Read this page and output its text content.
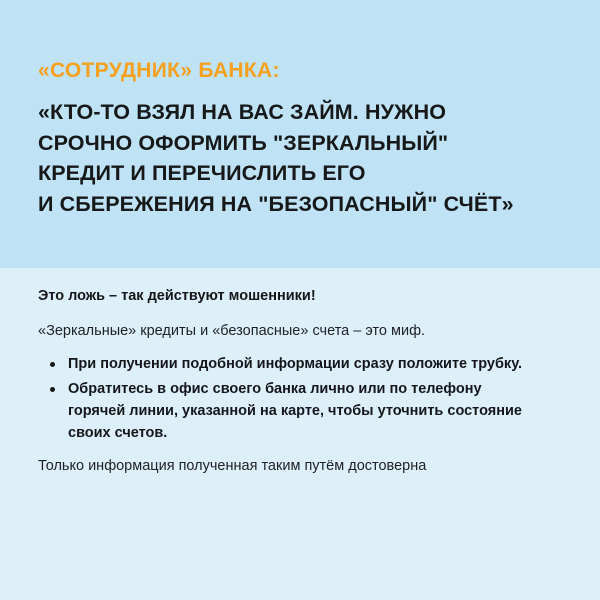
«СОТРУДНИК» БАНКА:

«КТО-ТО ВЗЯЛ НА ВАС ЗАЙМ. НУЖНО
СРОЧНО ОФОРМИТЬ "ЗЕРКАЛЬНЫЙ"
КРЕДИТ И ПЕРЕЧИСЛИТЬ ЕГО
И СБЕРЕЖЕНИЯ НА "БЕЗОПАСНЫЙ" СЧЁТ»

Это ложь – так действуют мошенники!

«Зеркальные» кредиты и «безопасные» счета – это миф.

При получении подобной информации сразу положите трубку.
Обратитесь в офис своего банка лично или по телефону горячей линии, указанной на карте, чтобы уточнить состояние своих счетов.

Только информация полученная таким путём достоверна
